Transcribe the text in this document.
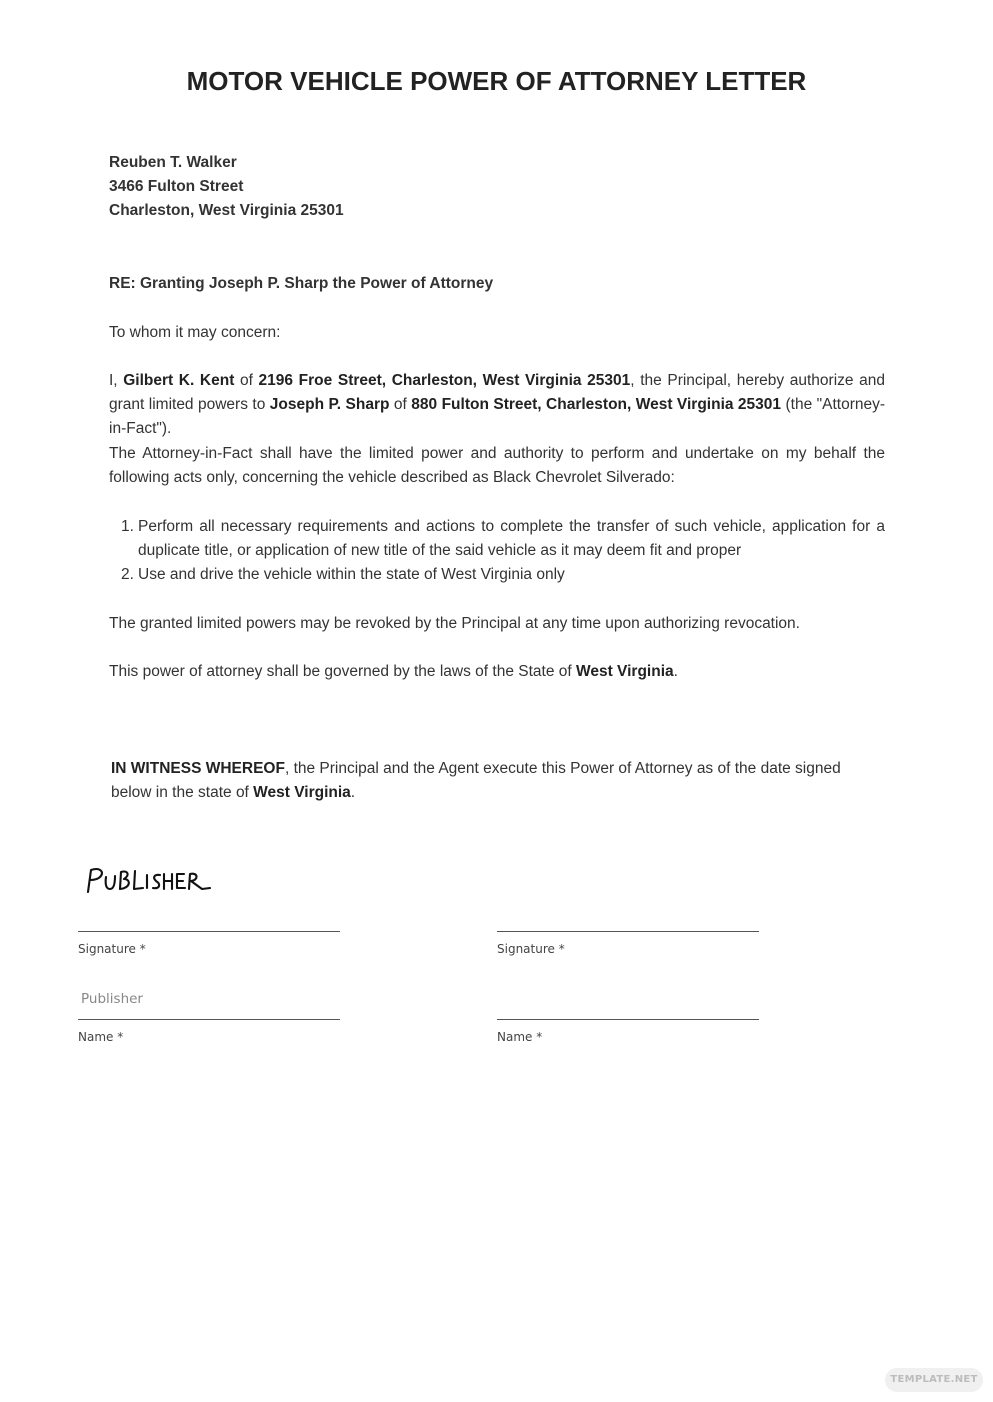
MOTOR VEHICLE POWER OF ATTORNEY LETTER
Reuben T. Walker
3466 Fulton Street
Charleston, West Virginia 25301
RE: Granting Joseph P. Sharp the Power of Attorney

To whom it may concern:

I, Gilbert K. Kent of 2196 Froe Street, Charleston, West Virginia 25301, the Principal, hereby authorize and grant limited powers to Joseph P. Sharp of 880 Fulton Street, Charleston, West Virginia 25301 (the "Attorney-in-Fact").

The Attorney-in-Fact shall have the limited power and authority to perform and undertake on my behalf the following acts only, concerning the vehicle described as Black Chevrolet Silverado:

1. Perform all necessary requirements and actions to complete the transfer of such vehicle, application for a duplicate title, or application of new title of the said vehicle as it may deem fit and proper
2. Use and drive the vehicle within the state of West Virginia only

The granted limited powers may be revoked by the Principal at any time upon authorizing revocation.

This power of attorney shall be governed by the laws of the State of West Virginia.

IN WITNESS WHEREOF, the Principal and the Agent execute this Power of Attorney as of the date signed below in the state of West Virginia.

Signature *	Signature *
Publisher
Name *	Name *
TEMPLATE.NET
